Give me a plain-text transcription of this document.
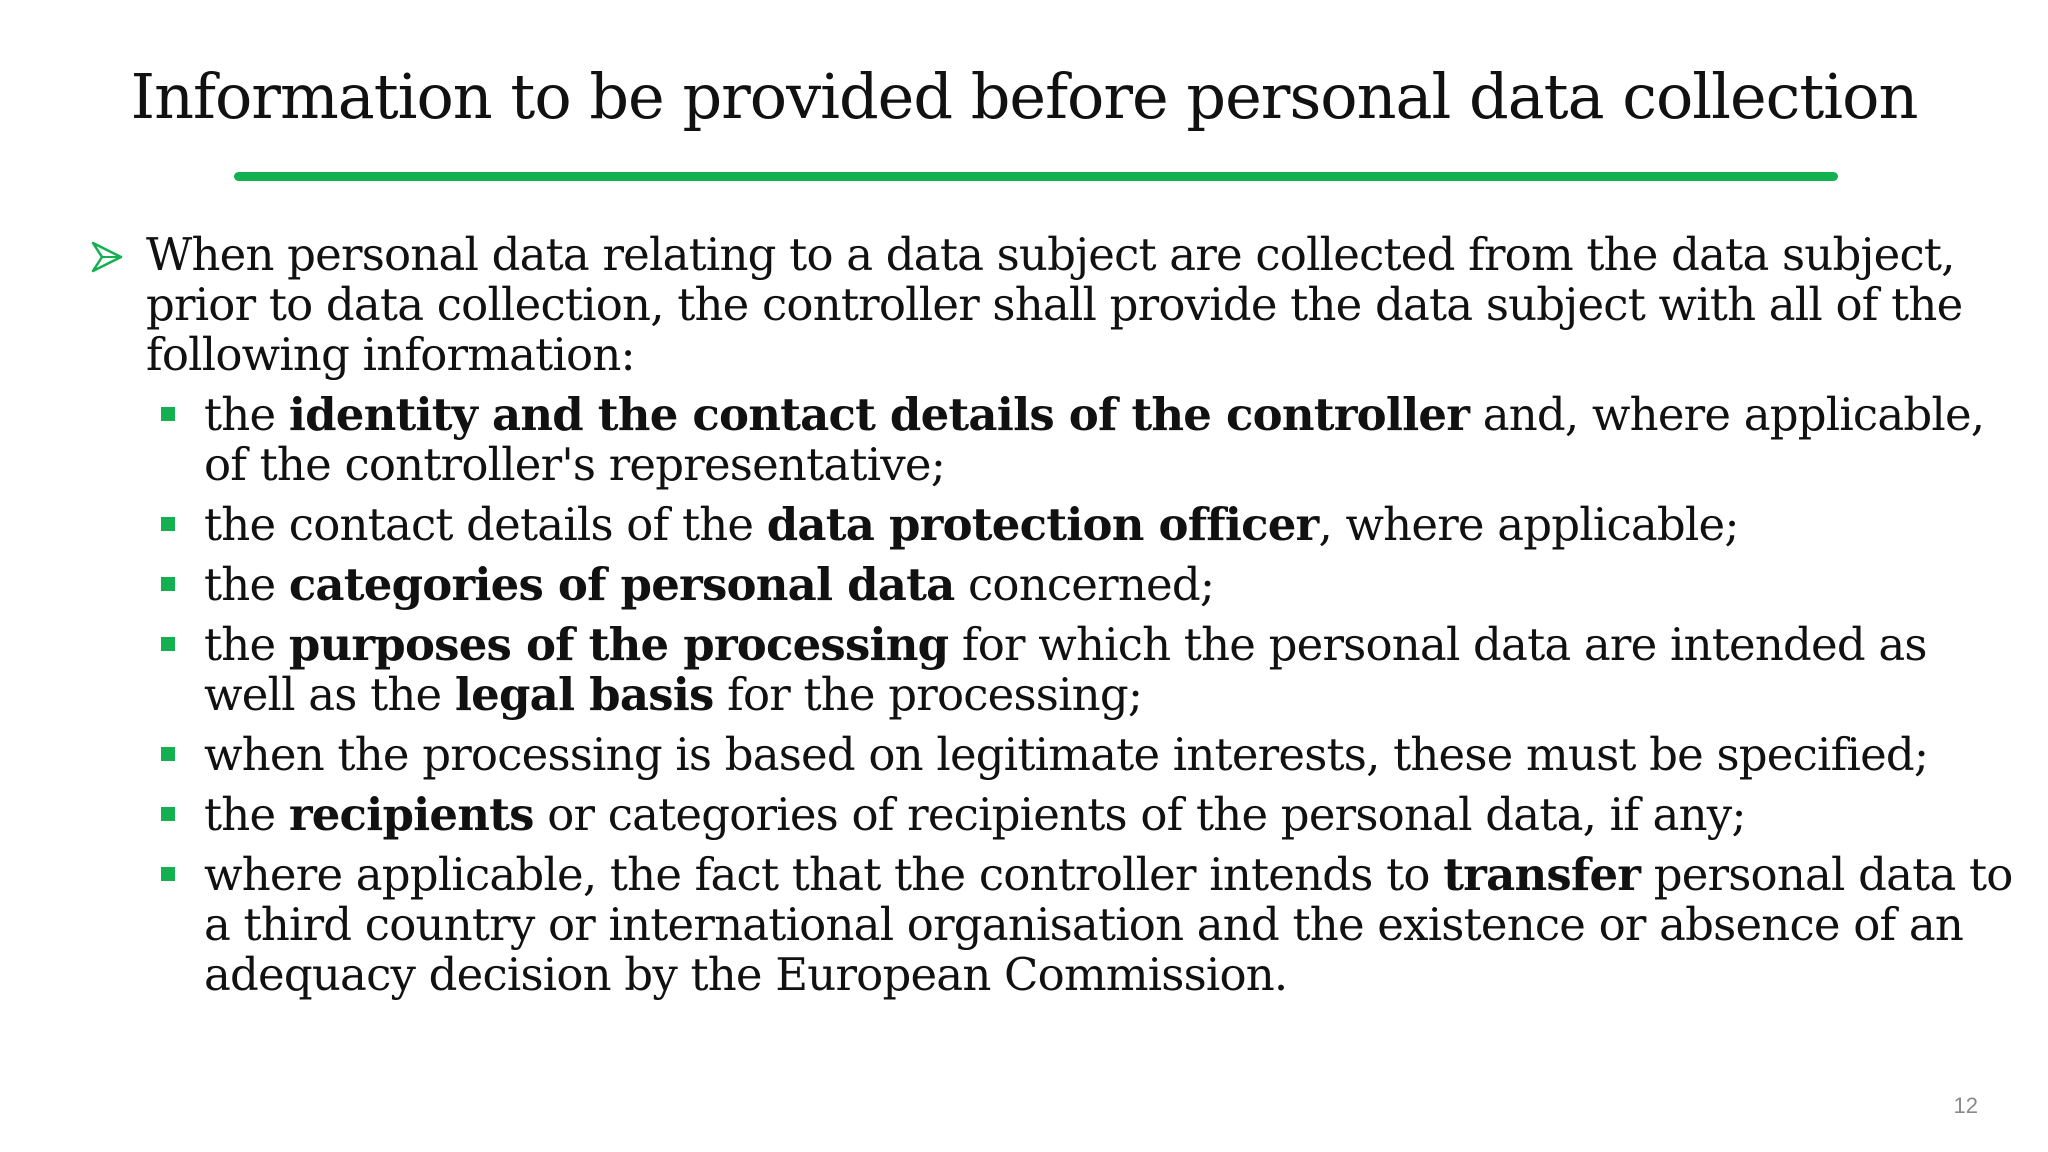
Information to be provided before personal data collection
When personal data relating to a data subject are collected from the data subject, prior to data collection, the controller shall provide the data subject with all of the following information:
the identity and the contact details of the controller and, where applicable, of the controller's representative;
the contact details of the data protection officer, where applicable;
the categories of personal data concerned;
the purposes of the processing for which the personal data are intended as well as the legal basis for the processing;
when the processing is based on legitimate interests, these must be specified;
the recipients or categories of recipients of the personal data, if any;
where applicable, the fact that the controller intends to transfer personal data to a third country or international organisation and the existence or absence of an adequacy decision by the European Commission.
12
